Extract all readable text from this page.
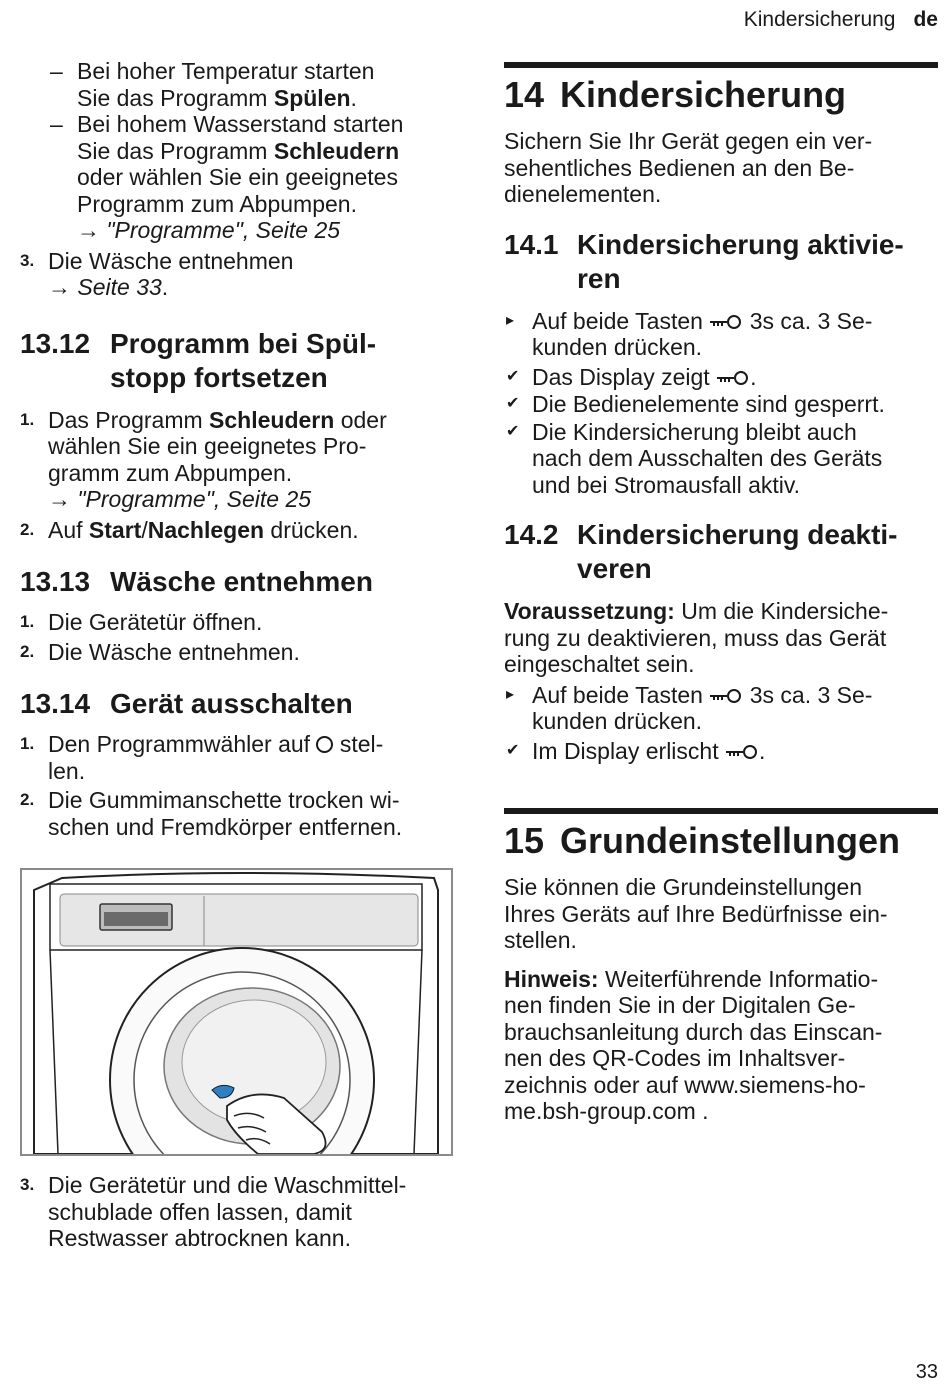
Kindersicherung de
– Bei hoher Temperatur starten
Sie das Programm Spülen.
– Bei hohem Wasserstand starten
Sie das Programm Schleudern
oder wählen Sie ein geeignetes
Programm zum Abpumpen.
→ "Programme", Seite 25
3. Die Wäsche entnehmen
→ Seite 33.
13.12 Programm bei Spül-
stopp fortsetzen
1. Das Programm Schleudern oder
wählen Sie ein geeignetes Pro-
gramm zum Abpumpen.
→ "Programme", Seite 25
2. Auf Start/Nachlegen drücken.
13.13 Wäsche entnehmen
1. Die Gerätetür öffnen.
2. Die Wäsche entnehmen.
13.14 Gerät ausschalten
1. Den Programmwähler auf  stel-
len.
2. Die Gummimanschette trocken wi-
schen und Fremdkörper entfernen.
3. Die Gerätetür und die Waschmittel-
schublade offen lassen, damit
Restwasser abtrocknen kann.
14 Kindersicherung
Sichern Sie Ihr Gerät gegen ein ver-
sehentliches Bedienen an den Be-
dienelementen.
14.1 Kindersicherung aktivie-
ren
▸ Auf beide Tasten  3s ca. 3 Se-
kunden drücken.
✔ Das Display zeigt .
✔ Die Bedienelemente sind gesperrt.
✔ Die Kindersicherung bleibt auch
nach dem Ausschalten des Geräts
und bei Stromausfall aktiv.
14.2 Kindersicherung deakti-
veren
Voraussetzung: Um die Kindersiche-
rung zu deaktivieren, muss das Gerät
eingeschaltet sein.
▸ Auf beide Tasten  3s ca. 3 Se-
kunden drücken.
✔ Im Display erlischt .
15 Grundeinstellungen
Sie können die Grundeinstellungen
Ihres Geräts auf Ihre Bedürfnisse ein-
stellen.
Hinweis: Weiterführende Informatio-
nen finden Sie in der Digitalen Ge-
brauchsanleitung durch das Einscan-
nen des QR-Codes im Inhaltsver-
zeichnis oder auf www.siemens-ho-
me.bsh-group.com .
33
